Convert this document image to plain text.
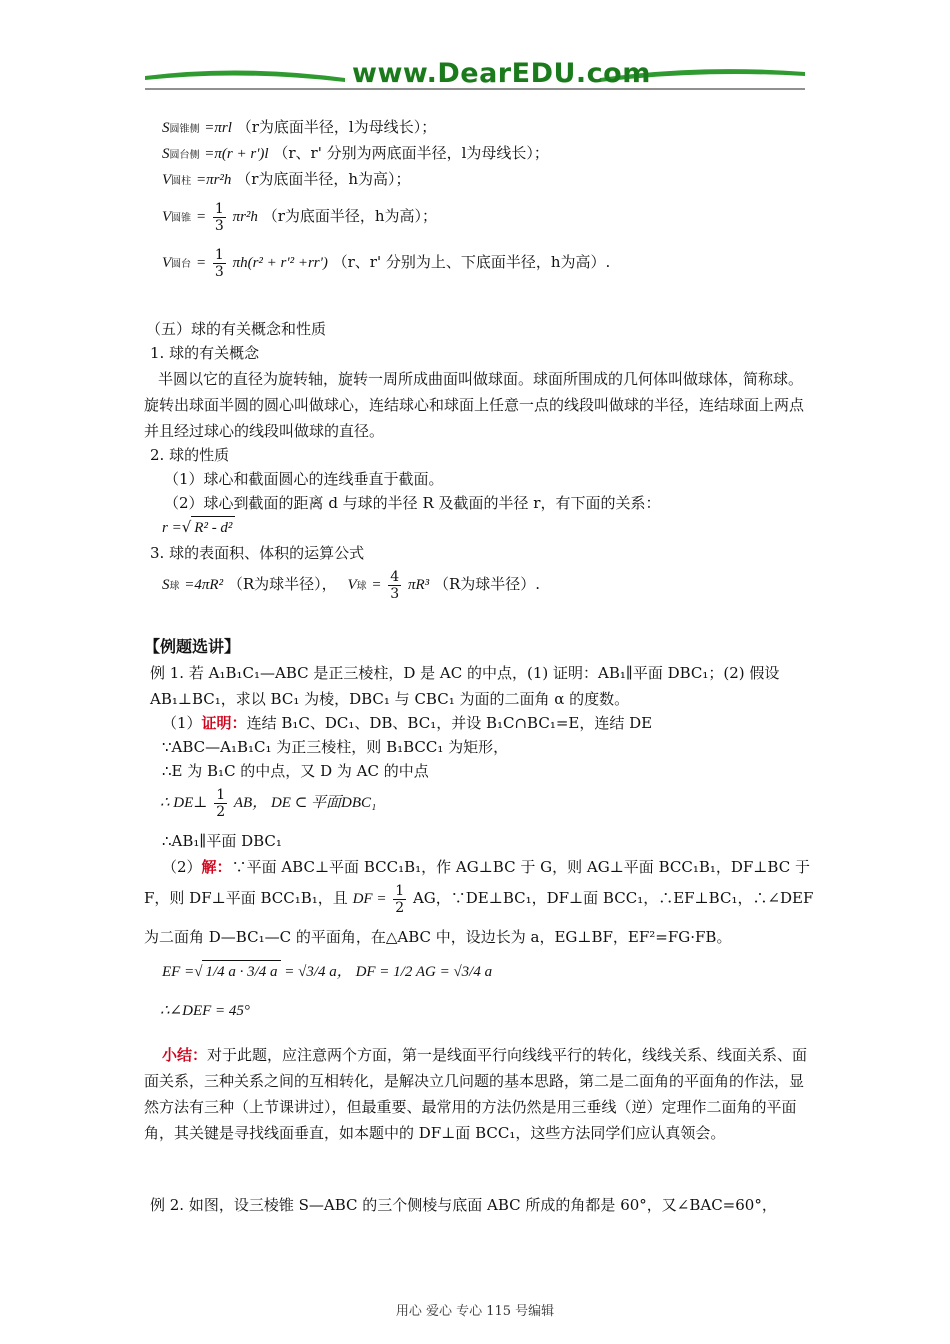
www.DearEDU.com
S圆锥侧 =πrl （r为底面半径，l为母线长）；
S圆台侧 =π(r + r')l （r、r' 分别为两底面半径，l为母线长）；
V圆柱 =πr²h （r为底面半径，h为高）；
V圆锥 = $\frac{1}{3} \pi r^2h$ （r为底面半径，h为高）；
V圆台 = $\frac{1}{3} \pi h(r^2 + r'^2 +rr')$ （r、r' 分别为上、下底面半径，h为高）.
（五）球的有关概念和性质
1. 球的有关概念
半圆以它的直径为旋转轴，旋转一周所成曲面叫做球面。球面所围成的几何体叫做球体，简称球。旋转出球面半圆的圆心叫做球心，连结球心和球面上任意一点的线段叫做球的半径，连结球面上两点并且经过球心的线段叫做球的直径。
2. 球的性质
（1）球心和截面圆心的连线垂直于截面。
（2）球心到截面的距离 d 与球的半径 R 及截面的半径 r，有下面的关系：
r =√ R² - d²
3. 球的表面积、体积的运算公式
S球 =4πR² （R为球半径）， V球 = $\frac{4}{3} \pi R^3$ （R为球半径）.
【例题选讲】
例 1. 若 A₁B₁C₁—ABC 是正三棱柱，D 是 AC 的中点，(1) 证明：AB₁∥平面 DBC₁；(2) 假设 AB₁⊥BC₁，求以 BC₁ 为棱，DBC₁ 与 CBC₁ 为面的二面角 α 的度数。
（1）证明：连结 B₁C、DC₁、DB、BC₁，并设 B₁C∩BC₁=E，连结 DE
∵ABC—A₁B₁C₁ 为正三棱柱，则 B₁BCC₁ 为矩形，
∴E 为 B₁C 的中点，又 D 为 AC 的中点
∴ DE⊥ $\frac{1}{2}$ AB， DE ⊂ 平面DBC₁
∴AB₁∥平面 DBC₁
（2）解：∵平面 ABC⊥平面 BCC₁B₁，作 AG⊥BC 于 G，则 AG⊥平面 BCC₁B₁，DF⊥BC 于
F，则 DF⊥平面 BCC₁B₁，且 DF = $\frac{1}{2}$ AG，∵DE⊥BC₁，DF⊥面 BCC₁，∴EF⊥BC₁，∴∠DEF
为二面角 D—BC₁—C 的平面角，在△ABC 中，设边长为 a，EG⊥BF，EF²=FG·FB。
EF =√ 1/4 a · 3/4 a = √3/4 a， DF = 1/2 AG = √3/4 a
∴∠DEF = 45°
小结：对于此题，应注意两个方面，第一是线面平行向线线平行的转化，线线关系、线面关系、面面关系，三种关系之间的互相转化，是解决立几问题的基本思路，第二是二面角的平面角的作法，显然方法有三种（上节课讲过），但最重要、最常用的方法仍然是用三垂线（逆）定理作二面角的平面角，其关键是寻找线面垂直，如本题中的 DF⊥面 BCC₁，这些方法同学们应认真领会。
例 2. 如图，设三棱锥 S—ABC 的三个侧棱与底面 ABC 所成的角都是 60°，又∠BAC=60°，
用心 爱心 专心 115 号编辑
